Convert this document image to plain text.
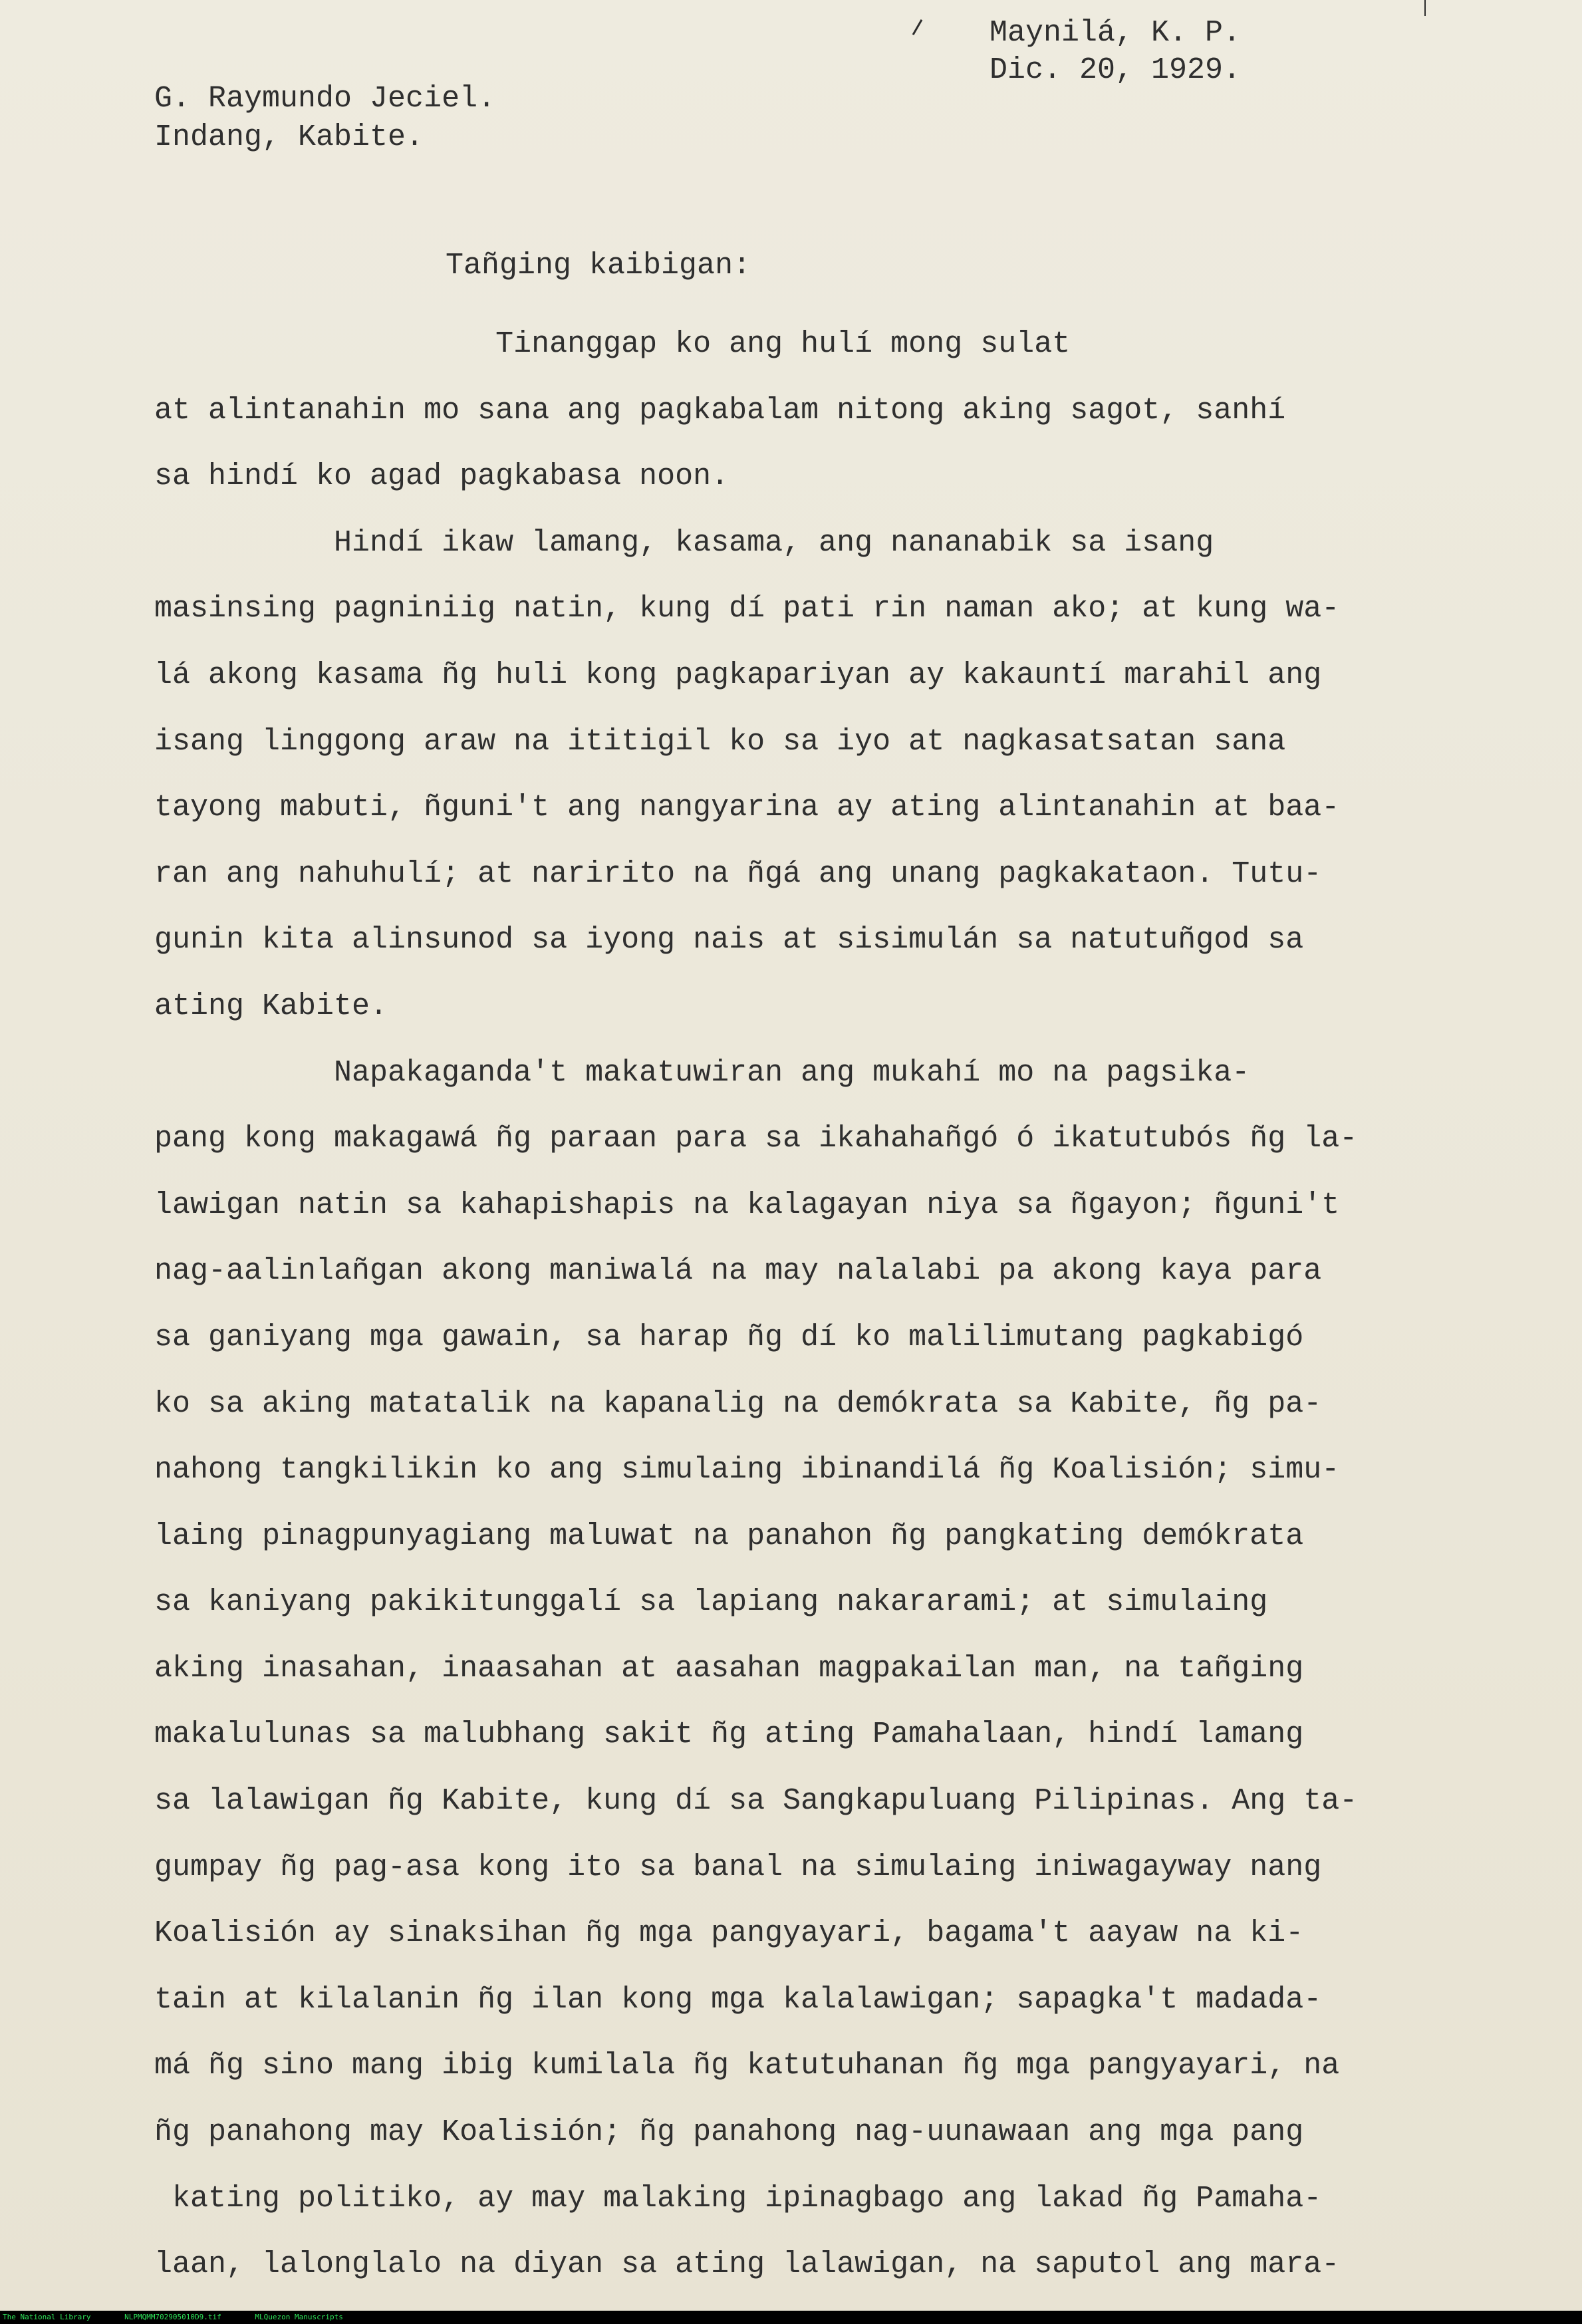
Maynilá, K. P.
Dic. 20, 1929.
G. Raymundo Jeciel.
Indang, Kabite.
Tañging kaibigan:
Tinanggap ko ang hulí mong sulat
at alintanahin mo sana ang pagkabalam nitong aking sagot, sanhí
sa hindí ko agad pagkabasa noon.
Hindí ikaw lamang, kasama, ang nananabik sa isang
masinsing pagniniig natin, kung dí pati rin naman ako; at kung wa-
lá akong kasama ñg huli kong pagkapariyan ay kakauntí marahil ang
isang linggong araw na ititigil ko sa iyo at nagkasatsatan sana
tayong mabuti, ñguni't ang nangyarina ay ating alintanahin at baa-
ran ang nahuhulí; at naririto na ñgá ang unang pagkakataon. Tutu-
gunin kita alinsunod sa iyong nais at sisimulán sa natutuñgod sa
ating Kabite.
Napakaganda't makatuwiran ang mukahí mo na pagsika-
pang kong makagawá ñg paraan para sa ikahahañgó ó ikatutubós ñg la-
lawigan natin sa kahapishapis na kalagayan niya sa ñgayon; ñguni't
nag-aalinlañgan akong maniwalá na may nalalabi pa akong kaya para
sa ganiyang mga gawain, sa harap ñg dí ko malilimutang pagkabigó
ko sa aking matatalik na kapanalig na demókrata sa Kabite, ñg pa-
nahong tangkilikin ko ang simulaing ibinandilá ñg Koalisión; simu-
laing pinagpunyagiang maluwat na panahon ñg pangkating demókrata
sa kaniyang pakikitunggalí sa lapiang nakararami; at simulaing
aking inasahan, inaasahan at aasahan magpakailan man, na tañging
makalulunas sa malubhang sakit ñg ating Pamahalaan, hindí lamang
sa lalawigan ñg Kabite, kung dí sa Sangkapuluang Pilipinas. Ang ta-
gumpay ñg pag-asa kong ito sa banal na simulaing iniwagayway nang
Koalisión ay sinaksihan ñg mga pangyayari, bagama't aayaw na ki-
tain at kilalanin ñg ilan kong mga kalalawigan; sapagka't madada-
má ñg sino mang ibig kumilala ñg katutuhanan ñg mga pangyayari, na
ñg panahong may Koalisión; ñg panahong nag-uunawaan ang mga pang
kating politiko, ay may malaking ipinagbago ang lakad ñg Pamaha-
laan, lalonglalo na diyan sa ating lalawigan, na saputol ang mara-
The National Library	NLPMQMM702905010D9.tif	MLQuezon Manuscripts
